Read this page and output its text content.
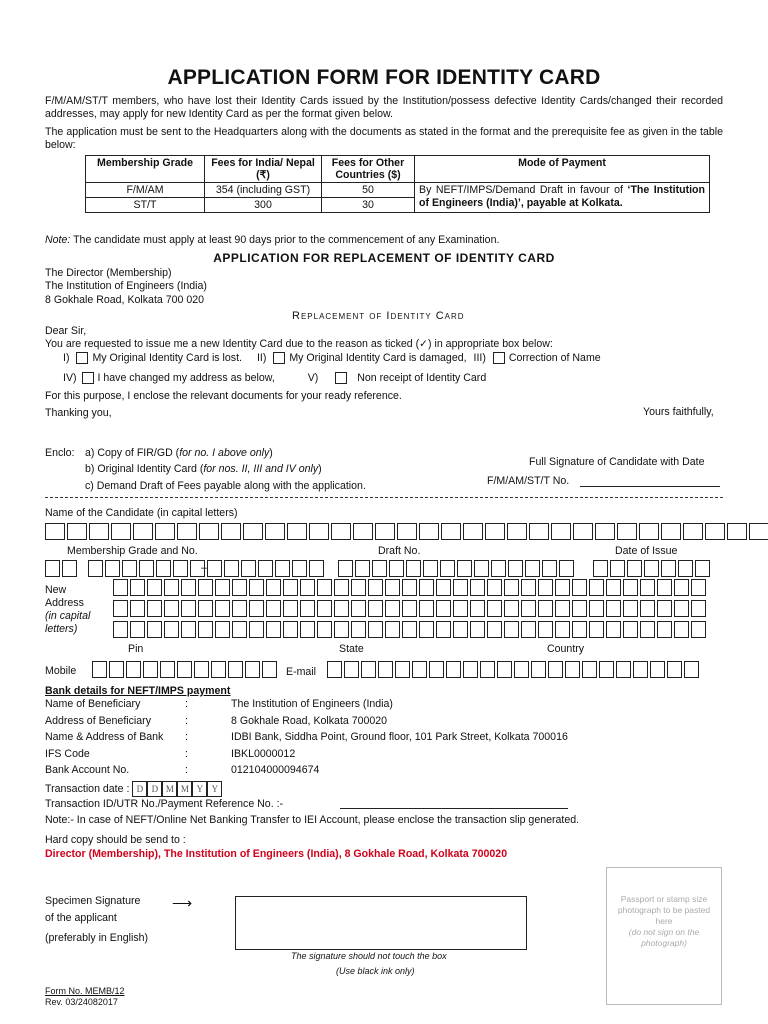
APPLICATION FORM FOR IDENTITY CARD
F/M/AM/ST/T members, who have lost their Identity Cards issued by the Institution/possess defective Identity Cards/changed their recorded addresses, may apply for new Identity Card as per the format given below.
The application must be sent to the Headquarters along with the documents as stated in the format and the prerequisite fee as given in the table below:
Membership Grade	Fees for India/ Nepal (₹)	Fees for Other Countries ($)	Mode of Payment
F/M/AM	354 (including GST)	50	By NEFT/IMPS/Demand Draft in favour of ‘The Institution of Engineers (India)’, payable at Kolkata.
ST/T	300	30	
Note: The candidate must apply at least 90 days prior to the commencement of any Examination.
APPLICATION FOR REPLACEMENT OF IDENTITY CARD
The Director (Membership)
The Institution of Engineers (India)
8 Gokhale Road, Kolkata 700 020
Replacement of Identity Card
Dear Sir,
You are requested to issue me a new Identity Card due to the reason as ticked (✓) in appropriate box below:
I) My Original Identity Card is lost. II) My Original Identity Card is damaged, III) Correction of Name
IV) I have changed my address as below,	V)	Non receipt of Identity Card
For this purpose, I enclose the relevant documents for your ready reference.
Thanking you,	Yours faithfully,
Enclo: a) Copy of FIR/GD (for no. I above only)
b) Original Identity Card (for nos. II, III and IV only)
c) Demand Draft of Fees payable along with the application.
Full Signature of Candidate with Date
F/M/AM/ST/T No.
Name of the Candidate (in capital letters)
Membership Grade and No.	Draft No.	Date of Issue
–
New
Address
(in capital letters)
Pin	State	Country
Mobile	E-mail
Bank details for NEFT/IMPS payment
Name of Beneficiary	:	The Institution of Engineers (India)
Address of Beneficiary	:	8 Gokhale Road, Kolkata 700020
Name & Address of Bank :	IDBI Bank, Siddha Point, Ground floor, 101 Park Street, Kolkata 700016
IFS Code	:	IBKL0000012
Bank Account No.	:	012104000094674
Transaction date : D D M M Y Y
Transaction ID/UTR No./Payment Reference No. :-
Note:- In case of NEFT/Online Net Banking Transfer to IEI Account, please enclose the transaction slip generated.
Hard copy should be send to :
Director (Membership), The Institution of Engineers (India), 8 Gokhale Road, Kolkata 700020
Specimen Signature
of the applicant
(preferably in English)
⟶
The signature should not touch the box
(Use black ink only)
Passport or stamp size photograph to be pasted here
(do not sign on the photograph)
Form No. MEMB/12
Rev. 03/24082017
